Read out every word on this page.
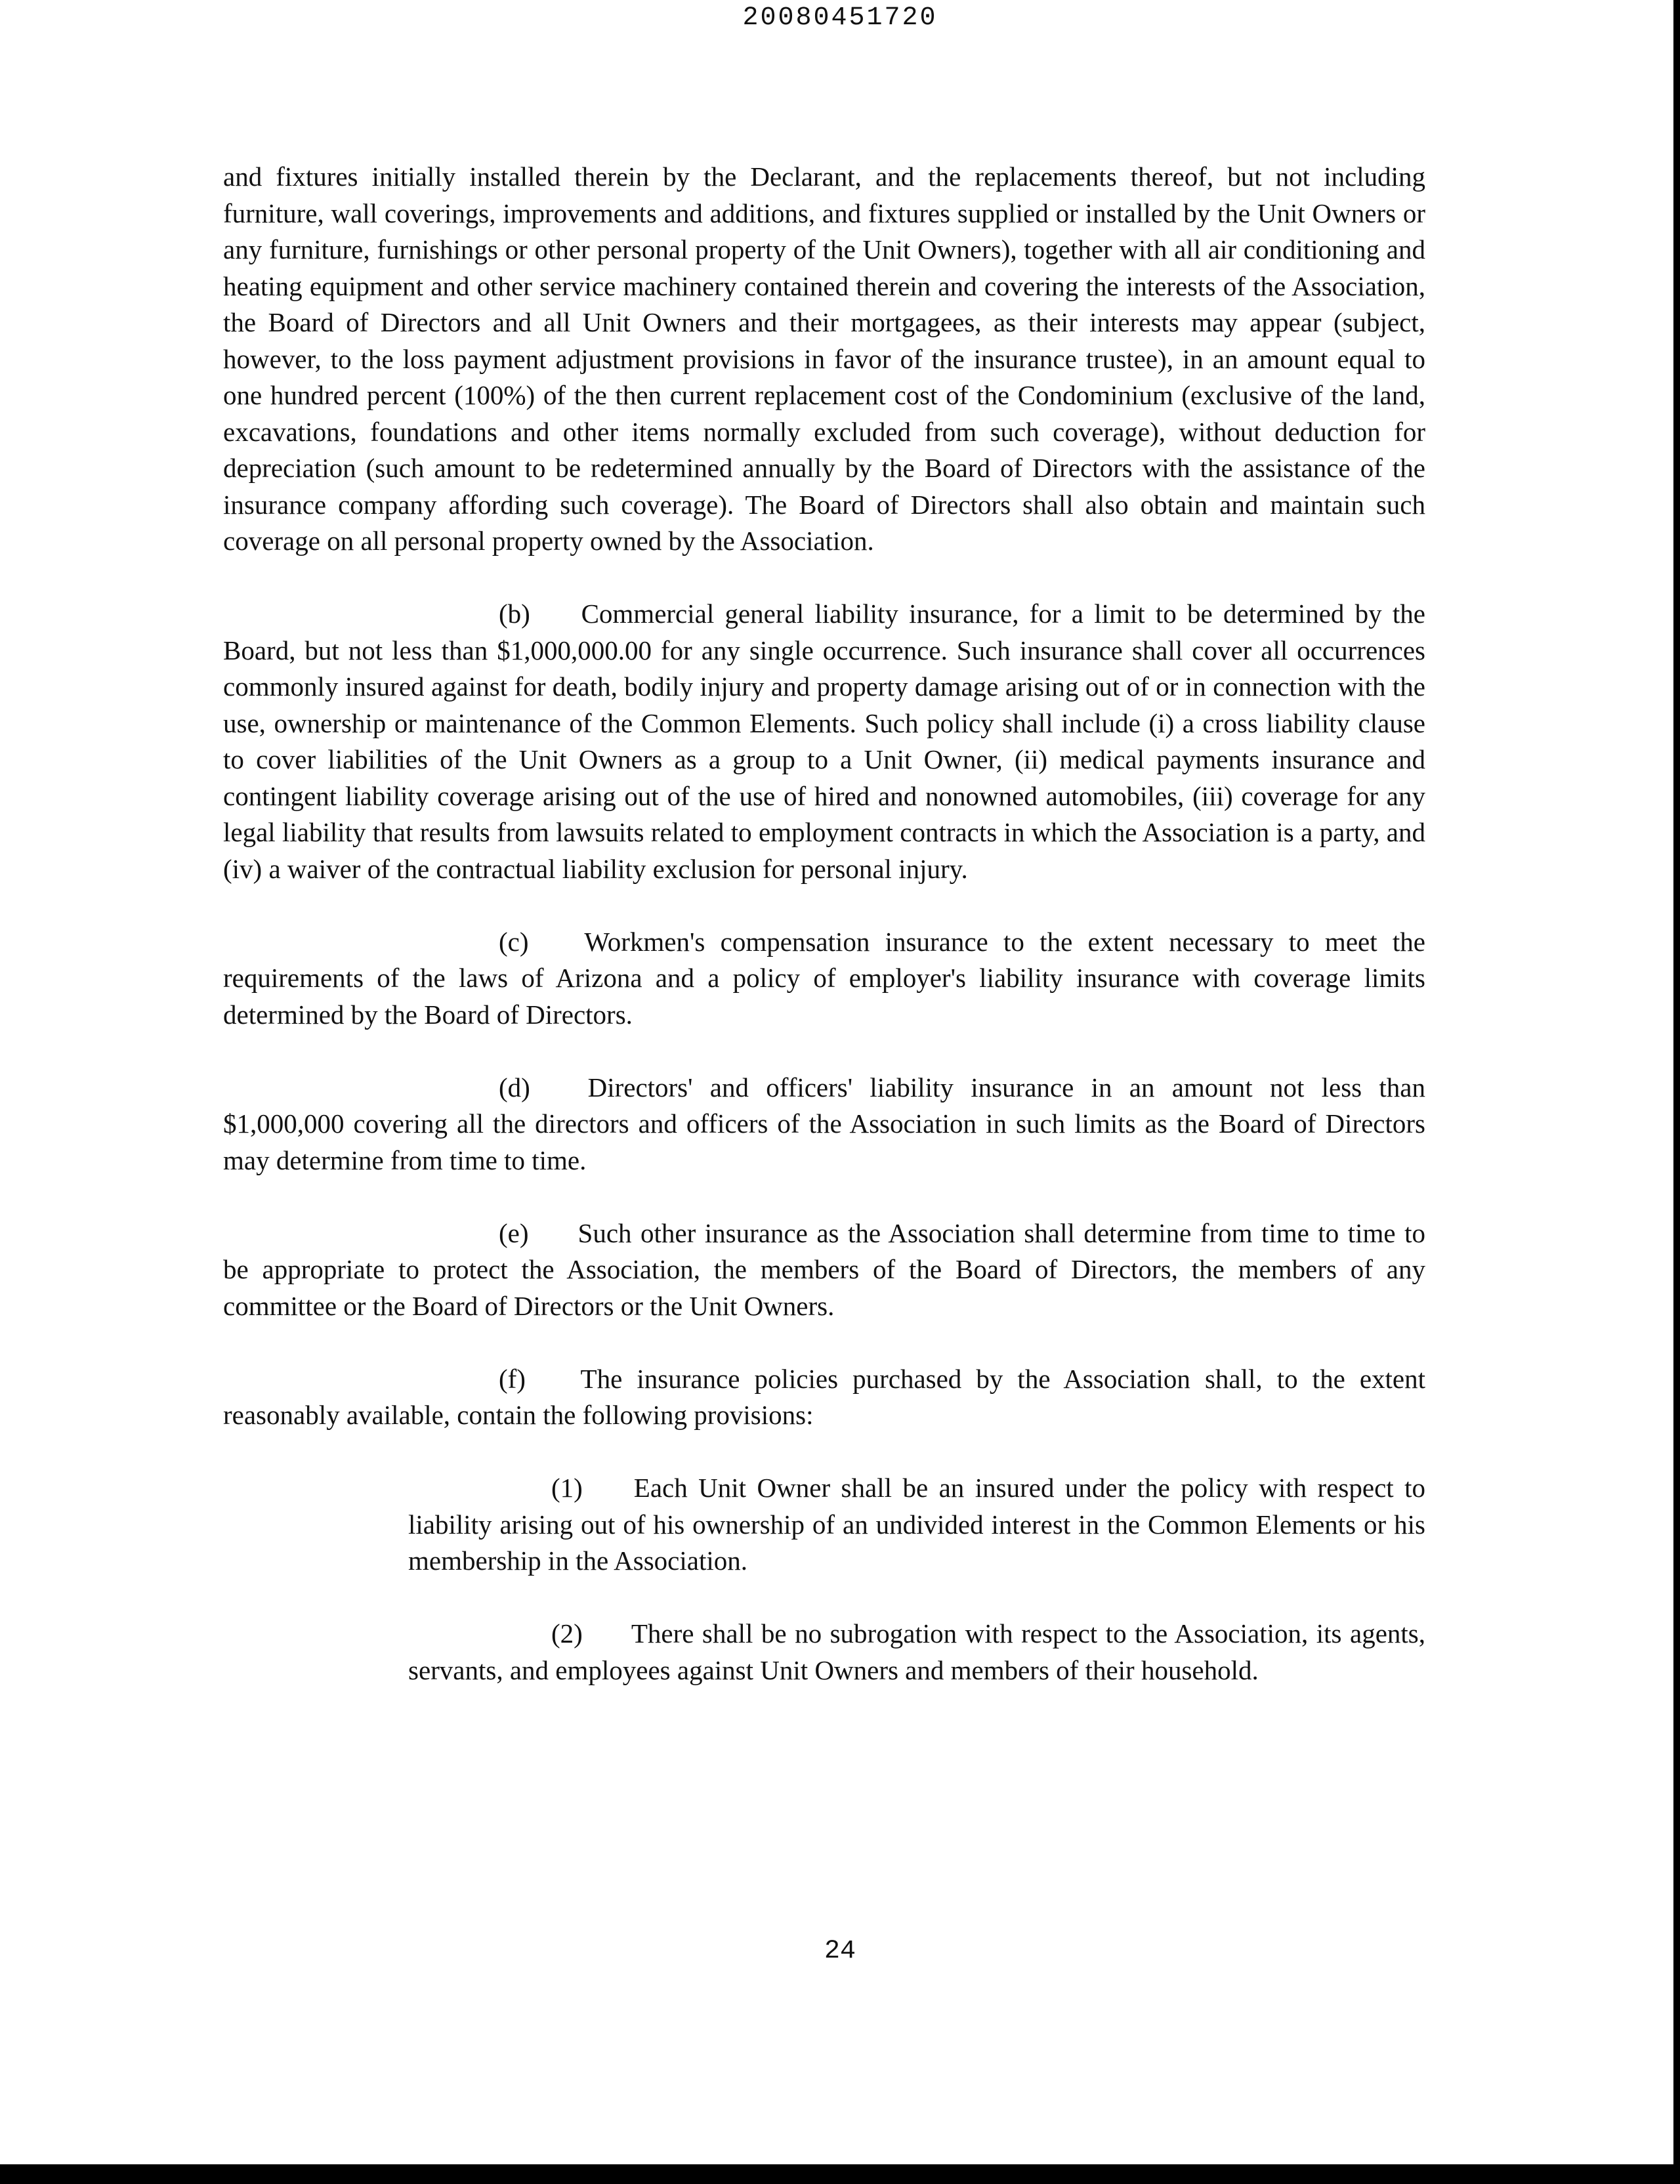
20080451720

and fixtures initially installed therein by the Declarant, and the replacements thereof, but not including furniture, wall coverings, improvements and additions, and fixtures supplied or installed by the Unit Owners or any furniture, furnishings or other personal property of the Unit Owners), together with all air conditioning and heating equipment and other service machinery contained therein and covering the interests of the Association, the Board of Directors and all Unit Owners and their mortgagees, as their interests may appear (subject, however, to the loss payment adjustment provisions in favor of the insurance trustee), in an amount equal to one hundred percent (100%) of the then current replacement cost of the Condominium (exclusive of the land, excavations, foundations and other items normally excluded from such coverage), without deduction for depreciation (such amount to be redetermined annually by the Board of Directors with the assistance of the insurance company affording such coverage). The Board of Directors shall also obtain and maintain such coverage on all personal property owned by the Association.

(b)   Commercial general liability insurance, for a limit to be determined by the Board, but not less than $1,000,000.00 for any single occurrence. Such insurance shall cover all occurrences commonly insured against for death, bodily injury and property damage arising out of or in connection with the use, ownership or maintenance of the Common Elements. Such policy shall include (i) a cross liability clause to cover liabilities of the Unit Owners as a group to a Unit Owner, (ii) medical payments insurance and contingent liability coverage arising out of the use of hired and nonowned automobiles, (iii) coverage for any legal liability that results from lawsuits related to employment contracts in which the Association is a party, and (iv) a waiver of the contractual liability exclusion for personal injury.

(c)   Workmen's compensation insurance to the extent necessary to meet the requirements of the laws of Arizona and a policy of employer's liability insurance with coverage limits determined by the Board of Directors.

(d)   Directors' and officers' liability insurance in an amount not less than $1,000,000 covering all the directors and officers of the Association in such limits as the Board of Directors may determine from time to time.

(e)   Such other insurance as the Association shall determine from time to time to be appropriate to protect the Association, the members of the Board of Directors, the members of any committee or the Board of Directors or the Unit Owners.

(f)   The insurance policies purchased by the Association shall, to the extent reasonably available, contain the following provisions:

(1)   Each Unit Owner shall be an insured under the policy with respect to liability arising out of his ownership of an undivided interest in the Common Elements or his membership in the Association.

(2)   There shall be no subrogation with respect to the Association, its agents, servants, and employees against Unit Owners and members of their household.

24
